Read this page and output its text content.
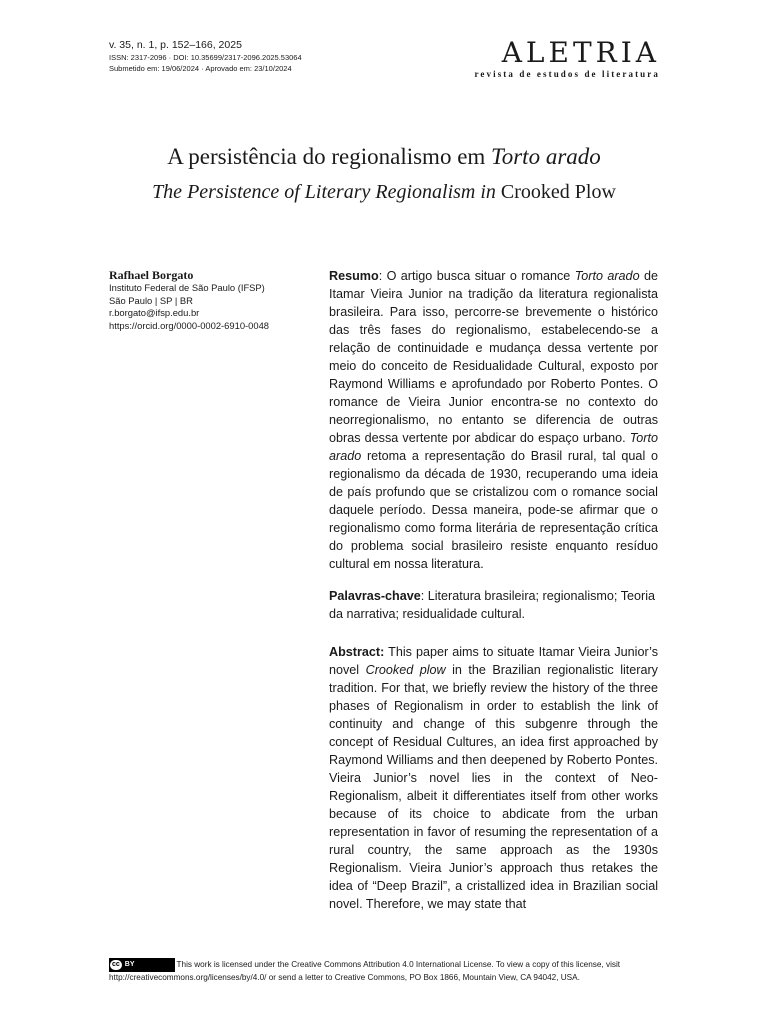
v. 35, n. 1, p. 152–166, 2025
ISSN: 2317-2096 · DOI: 10.35699/2317-2096.2025.53064
Submetido em: 19/06/2024 · Aprovado em: 23/10/2024	ALETRIA
revista de estudos de literatura
A persistência do regionalismo em Torto arado
The Persistence of Literary Regionalism in Crooked Plow
Rafhael Borgato
Instituto Federal de São Paulo (IFSP)
São Paulo | SP | BR
r.borgato@ifsp.edu.br
https://orcid.org/0000-0002-6910-0048

Resumo: O artigo busca situar o romance Torto arado de Itamar Vieira Junior na tradição da literatura regionalista brasileira. Para isso, percorre-se brevemente o histórico das três fases do regionalismo, estabelecendo-se a relação de continuidade e mudança dessa vertente por meio do conceito de Residualidade Cultural, exposto por Raymond Williams e aprofundado por Roberto Pontes. O romance de Vieira Junior encontra-se no contexto do neorregionalismo, no entanto se diferencia de outras obras dessa vertente por abdicar do espaço urbano. Torto arado retoma a representação do Brasil rural, tal qual o regionalismo da década de 1930, recuperando uma ideia de país profundo que se cristalizou com o romance social daquele período. Dessa maneira, pode-se afirmar que o regionalismo como forma literária de representação crítica do problema social brasileiro resiste enquanto resíduo cultural em nossa literatura.

Palavras-chave: Literatura brasileira; regionalismo; Teoria da narrativa; residualidade cultural.

Abstract: This paper aims to situate Itamar Vieira Junior’s novel Crooked plow in the Brazilian regionalistic literary tradition. For that, we briefly review the history of the three phases of Regionalism in order to establish the link of continuity and change of this subgenre through the concept of Residual Cultures, an idea first approached by Raymond Williams and then deepened by Roberto Pontes. Vieira Junior’s novel lies in the context of Neo-Regionalism, albeit it differentiates itself from other works because of its choice to abdicate from the urban representation in favor of resuming the representation of a rural country, the same approach as the 1930s Regionalism. Vieira Junior’s approach thus retakes the idea of “Deep Brazil”, a cristallized idea in Brazilian social novel. Therefore, we may state that

cc BY	This work is licensed under the Creative Commons Attribution 4.0 International License. To view a copy of this license, visit http://creativecommons.org/licenses/by/4.0/ or send a letter to Creative Commons, PO Box 1866, Mountain View, CA 94042, USA.
